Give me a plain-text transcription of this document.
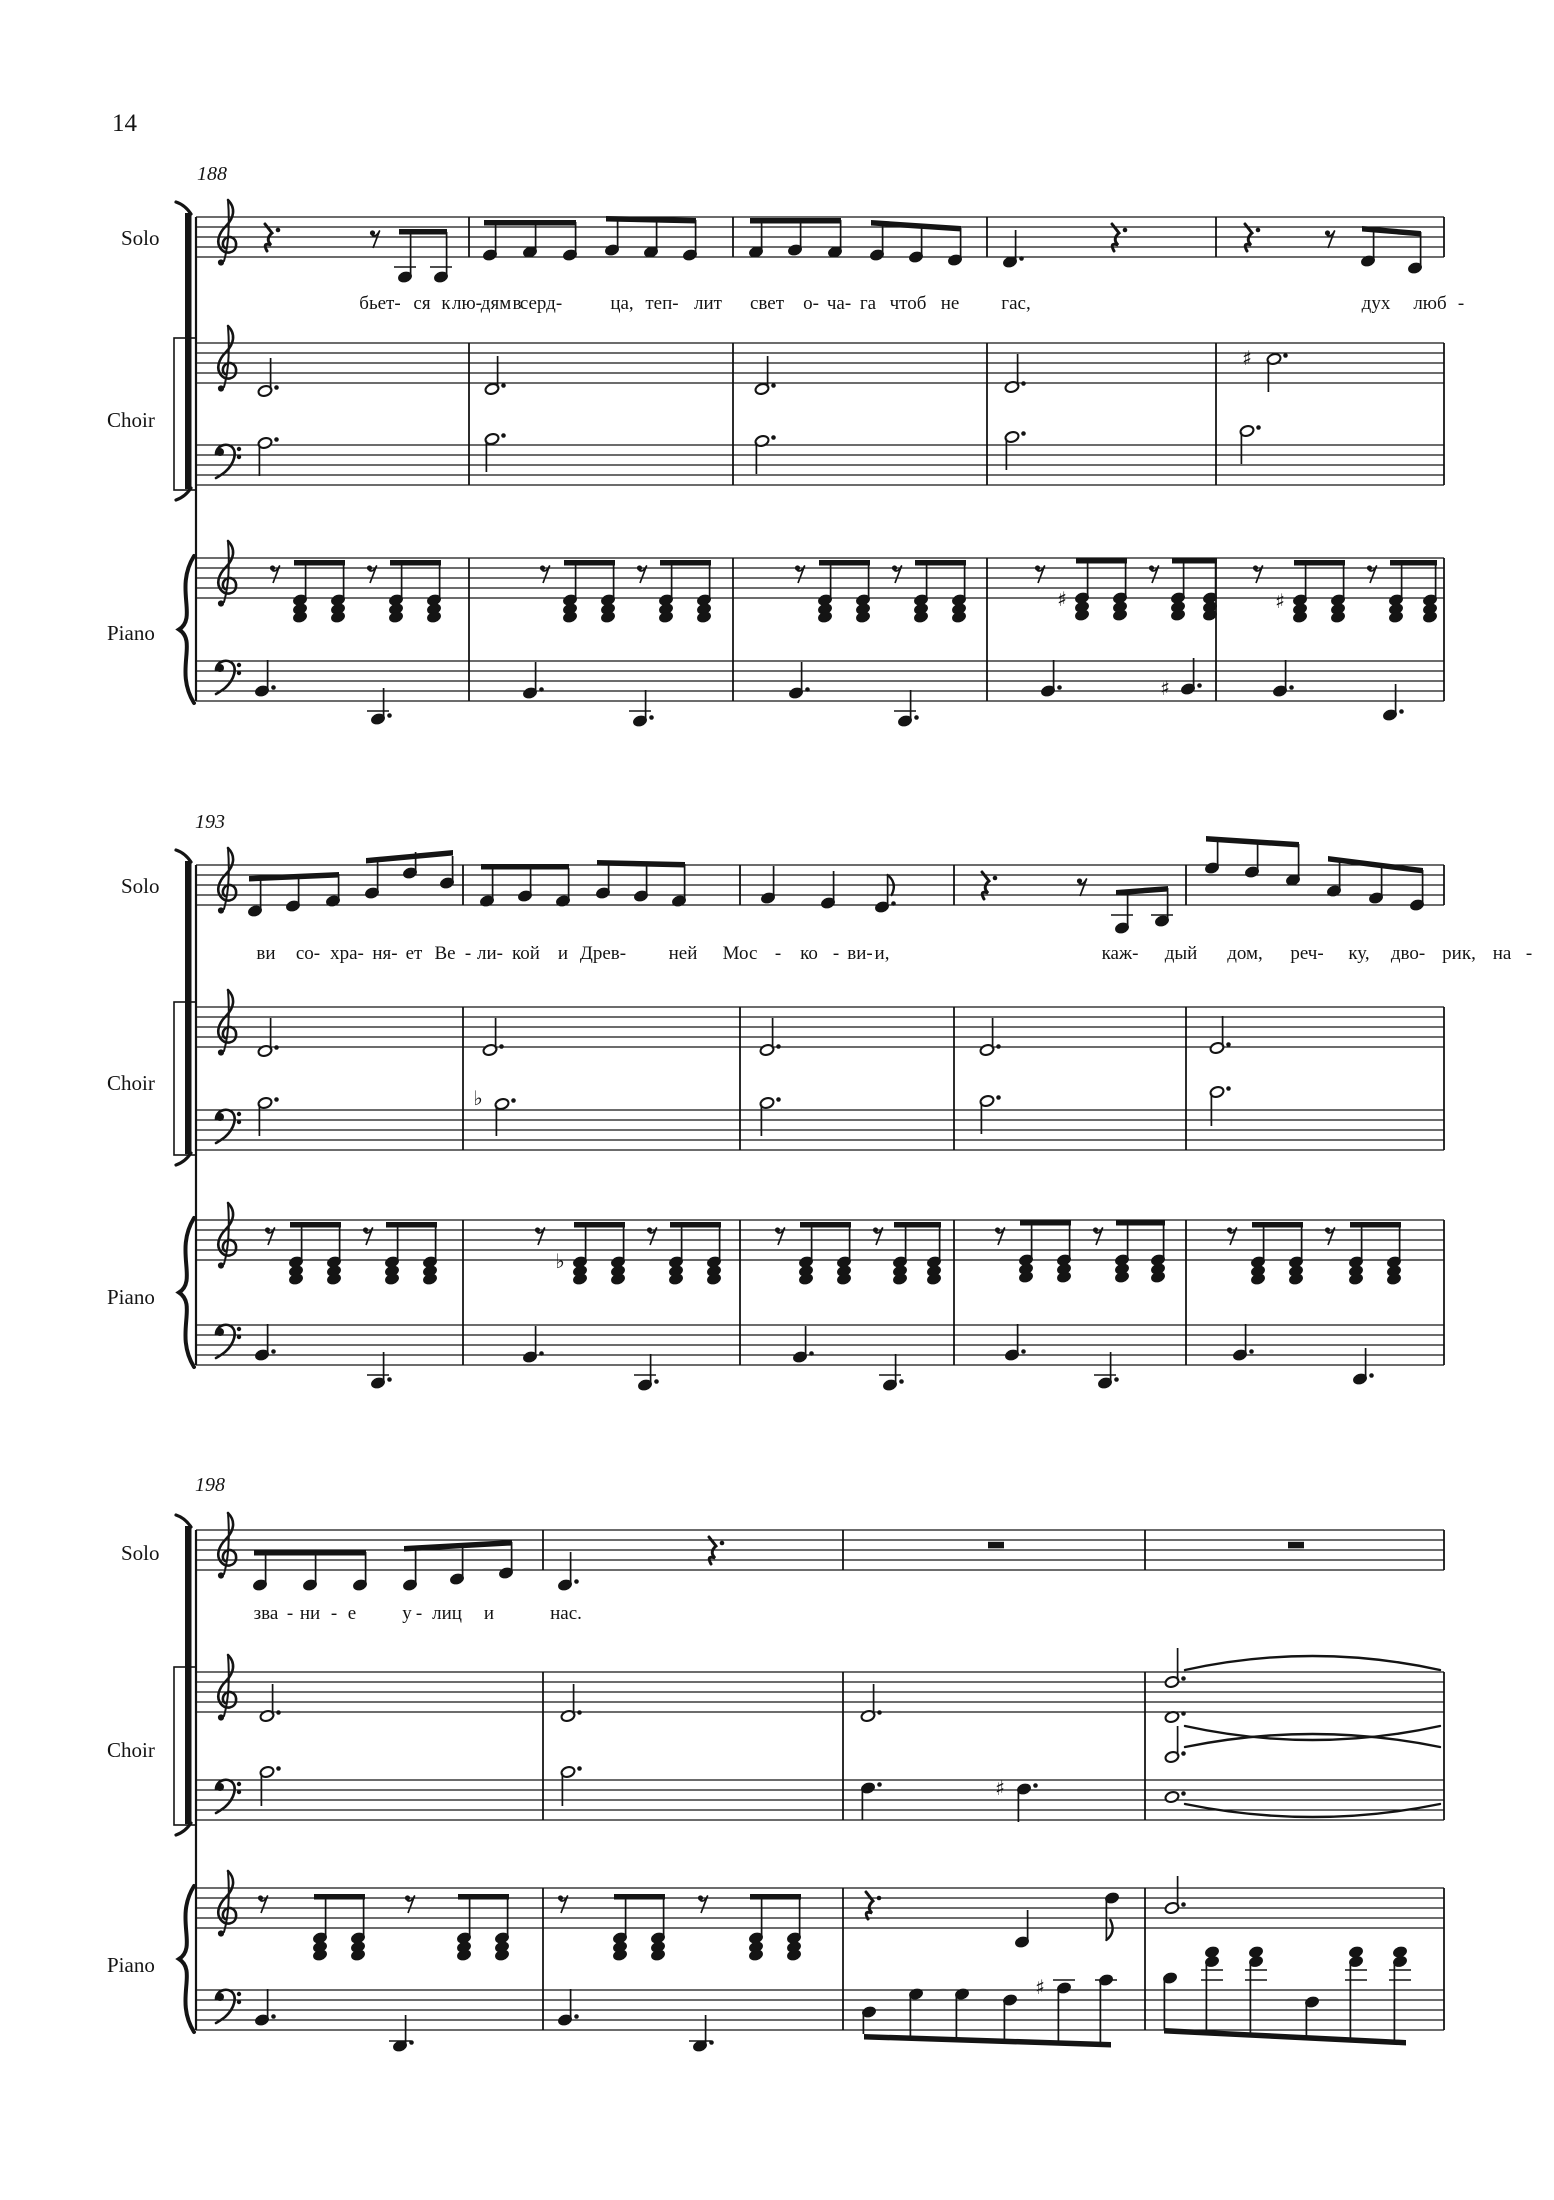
♯
♯	♯
♯
♭
♭
♯
♯
14
188
193
198
Solo
Choir
Piano
Solo
Choir
Piano
Solo
Choir
Piano
бьет- ся к лю-
дям в
серд-	ца, теп- лит свет о- ча- га чтоб не гас,	дух люб -
ви со- хра- ня- ет Ве - ли- кой и Древ- ней Мос - ко - ви- и,	каж- дый дом, реч- ку, дво- рик, на -
зва - ни - е у - лиц и	нас.
